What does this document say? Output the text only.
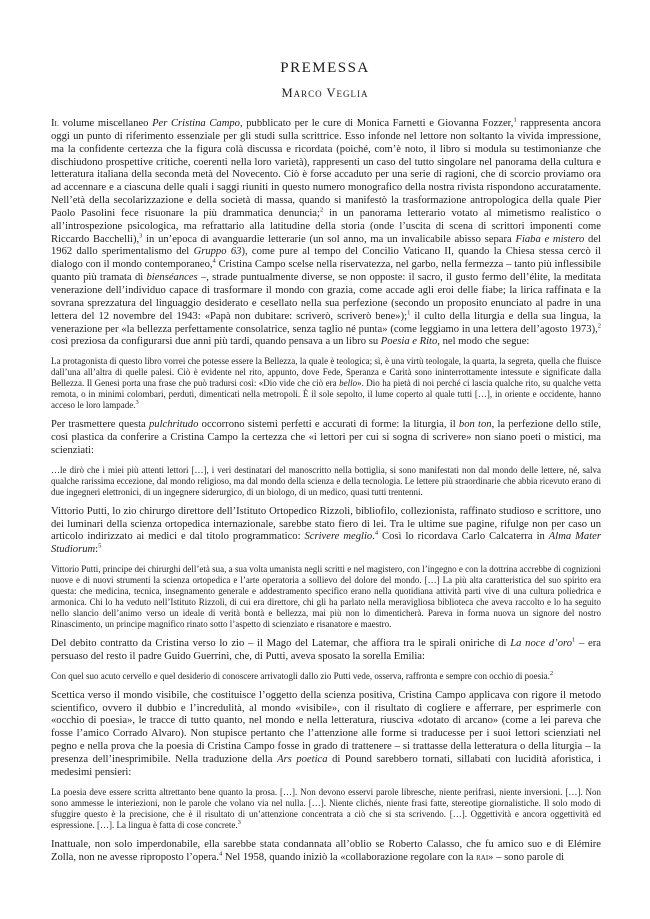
PREMESSA
Marco Veglia

Il volume miscellaneo Per Cristina Campo, pubblicato per le cure di Monica Farnetti e Giovanna Fozzer,$^1$ rappresenta ancora oggi un punto di riferimento essenziale per gli studi sulla scrittrice. Esso infonde nel lettore non soltanto la vivida impressione, ma la confidente certezza che la figura colà discussa e ricordata (poiché, com’è noto, il libro si modula su testimonianze che dischiudono prospettive critiche, coerenti nella loro varietà), rappresenti un caso del tutto singolare nel panorama della cultura e letteratura italiana della seconda metà del Novecento. Ciò è forse accaduto per una serie di ragioni, che di scorcio proviamo ora ad accennare e a ciascuna delle quali i saggi riuniti in questo numero monografico della nostra rivista rispondono accuratamente. Nell’età della secolarizzazione e della società di massa, quando si manifestò la trasformazione antropologica della quale Pier Paolo Pasolini fece risuonare la più drammatica denuncia;$^2$ in un panorama letterario votato al mimetismo realistico o all’introspezione psicologica, ma refrattario alla latitudine della storia (onde l’uscita di scena di scrittori imponenti come Riccardo Bacchelli),$^3$ in un’epoca di avanguardie letterarie (un sol anno, ma un invalicabile abisso separa Fiaba e mistero del 1962 dallo sperimentalismo del Gruppo 63), come pure al tempo del Concilio Vaticano II, quando la Chiesa stessa cercò il dialogo con il mondo contemporaneo,$^4$ Cristina Campo scelse nella riservatezza, nel garbo, nella fermezza – tanto più inflessibile quanto più tramata di bienséances –, strade puntualmente diverse, se non opposte: il sacro, il gusto fermo dell’élite, la meditata venerazione dell’individuo capace di trasformare il mondo con grazia, come accade agli eroi delle fiabe; la lirica raffinata e la sovrana sprezzatura del linguaggio desiderato e cesellato nella sua perfezione (secondo un proposito enunciato al padre in una lettera del 12 novembre del 1943: «Papà non dubitare: scriverò, scriverò bene»);$^1$ il culto della liturgia e della sua lingua, la venerazione per «la bellezza perfettamente consolatrice, senza taglio né punta» (come leggiamo in una lettera dell’agosto 1973),$^2$ così preziosa da configurarsi due anni più tardi, quando pensava a un libro su Poesia e Rito, nel modo che segue:

La protagonista di questo libro vorrei che potesse essere la Bellezza, la quale è teologica; sì, è una virtù teologale, la quarta, la segreta, quella che fluisce dall’una all’altra di quelle palesi. Ciò è evidente nel rito, appunto, dove Fede, Speranza e Carità sono ininterrottamente intessute e significate dalla Bellezza. Il Genesi porta una frase che può tradursi così: «Dio vide che ciò era bello». Dio ha pietà di noi perché ci lascia qualche rito, su qualche vetta remota, o in minimi colombari, perduti, dimenticati nella metropoli. È il sole sepolto, il lume coperto al quale tutti […], in oriente e occidente, hanno acceso le loro lampade.$^3$

Per trasmettere questa pulchritudo occorrono sistemi perfetti e accurati di forme: la liturgia, il bon ton, la perfezione dello stile, così plastica da conferire a Cristina Campo la certezza che «i lettori per cui si sogna di scrivere» non siano poeti o mistici, ma scienziati:

…le dirò che i miei più attenti lettori […], i veri destinatari del manoscritto nella bottiglia, si sono manifestati non dal mondo delle lettere, né, salva qualche rarissima eccezione, dal mondo religioso, ma dal mondo della scienza e della tecnologia. Le lettere più straordinarie che abbia ricevuto erano di due ingegneri elettronici, di un ingegnere siderurgico, di un biologo, di un medico, quasi tutti trentenni.

Vittorio Putti, lo zio chirurgo direttore dell’Istituto Ortopedico Rizzoli, bibliofilo, collezionista, raffinato studioso e scrittore, uno dei luminari della scienza ortopedica internazionale, sarebbe stato fiero di lei. Tra le ultime sue pagine, rifulge non per caso un articolo indirizzato ai medici e dal titolo programmatico: Scrivere meglio.$^4$ Così lo ricordava Carlo Calcaterra in Alma Mater Studiorum:$^5$

Vittorio Putti, principe dei chirurghi dell’età sua, a sua volta umanista negli scritti e nel magistero, con l’ingegno e con la dottrina accrebbe di cognizioni nuove e di nuovi strumenti la scienza ortopedica e l’arte operatoria a sollievo del dolore del mondo. […] La più alta caratteristica del suo spirito era questa: che medicina, tecnica, insegnamento generale e addestramento specifico erano nella quotidiana attività parti vive di una cultura poliedrica e armonica. Chi lo ha veduto nell’Istituto Rizzoli, di cui era direttore, chi gli ha parlato nella meravigliosa biblioteca che aveva raccolto e lo ha seguito nello slancio dell’animo verso un ideale di verità bontà e bellezza, mai più non lo dimenticherà. Pareva in forma nuova un signore del nostro Rinascimento, un principe magnifico rinato sotto l’aspetto di scienziato e risanatore e maestro.

Del debito contratto da Cristina verso lo zio – il Mago del Latemar, che affiora tra le spirali oniriche di La noce d’oro$^1$ – era persuaso del resto il padre Guido Guerrini, che, di Putti, aveva sposato la sorella Emilia:

Con quel suo acuto cervello e quel desiderio di conoscere arrivatogli dallo zio Putti vede, osserva, raffronta e sempre con occhio di poesia.$^2$

Scettica verso il mondo visibile, che costituisce l’oggetto della scienza positiva, Cristina Campo applicava con rigore il metodo scientifico, ovvero il dubbio e l’incredulità, al mondo «visibile», con il risultato di cogliere e afferrare, per esprimerle con «occhio di poesia», le tracce di tutto quanto, nel mondo e nella letteratura, riusciva «dotato di arcano» (come a lei pareva che fosse l’amico Corrado Alvaro). Non stupisce pertanto che l’attenzione alle forme si traducesse per i suoi lettori scienziati nel pegno e nella prova che la poesia di Cristina Campo fosse in grado di trattenere – si trattasse della letteratura o della liturgia – la presenza dell’inesprimibile. Nella traduzione della Ars poetica di Pound sarebbero tornati, sillabati con lucidità aforistica, i medesimi pensieri:

La poesia deve essere scritta altrettanto bene quanto la prosa. […]. Non devono esservi parole libresche, niente perifrasi, niente inversioni. […]. Non sono ammesse le interiezioni, non le parole che volano via nel nulla. […]. Niente clichés, niente frasi fatte, stereotipe giornalistiche. Il solo modo di sfuggire questo è la precisione, che è il risultato di un’attenzione concentrata a ciò che si sta scrivendo. […]. Oggettività e ancora oggettività ed espressione. […]. La lingua è fatta di cose concrete.$^3$

Inattuale, non solo imperdonabile, ella sarebbe stata condannata all’oblio se Roberto Calasso, che fu amico suo e di Elémire Zolla, non ne avesse riproposto l’opera.$^4$ Nel 1958, quando iniziò la «collaborazione regolare con la rai» – sono parole di
